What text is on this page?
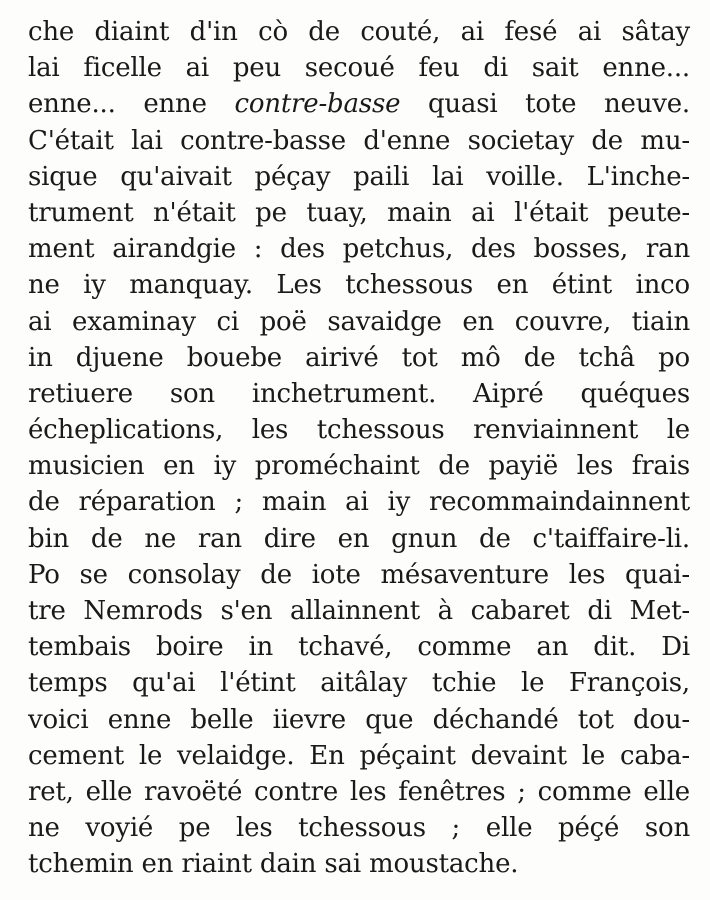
che diaint d'in cò de couté, ai fesé ai sâtay
lai ficelle ai peu secoué feu di sait enne...
enne... enne contre-basse quasi tote neuve.
C'était lai contre-basse d'enne societay de mu-
sique qu'aivait péçay paili lai voille. L'inche-
trument n'était pe tuay, main ai l'était peute-
ment airandgie : des petchus, des bosses, ran
ne iy manquay. Les tchessous en étint inco
ai examinay ci poë savaidge en couvre, tiain
in djuene bouebe airivé tot mô de tchâ po
retiuere son inchetrument. Aipré quéques
écheplications, les tchessous renviainnent le
musicien en iy proméchaint de payië les frais
de réparation ; main ai iy recommaindainnent
bin de ne ran dire en gnun de c'taiffaire-li.
Po se consolay de iote mésaventure les quai-
tre Nemrods s'en allainnent à cabaret di Met-
tembais boire in tchavé, comme an dit. Di
temps qu'ai l'étint aitâlay tchie le François,
voici enne belle iievre que déchandé tot dou-
cement le velaidge. En péçaint devaint le caba-
ret, elle ravoëté contre les fenêtres ; comme elle
ne voyié pe les tchessous ; elle péçé son
tchemin en riaint dain sai moustache.
